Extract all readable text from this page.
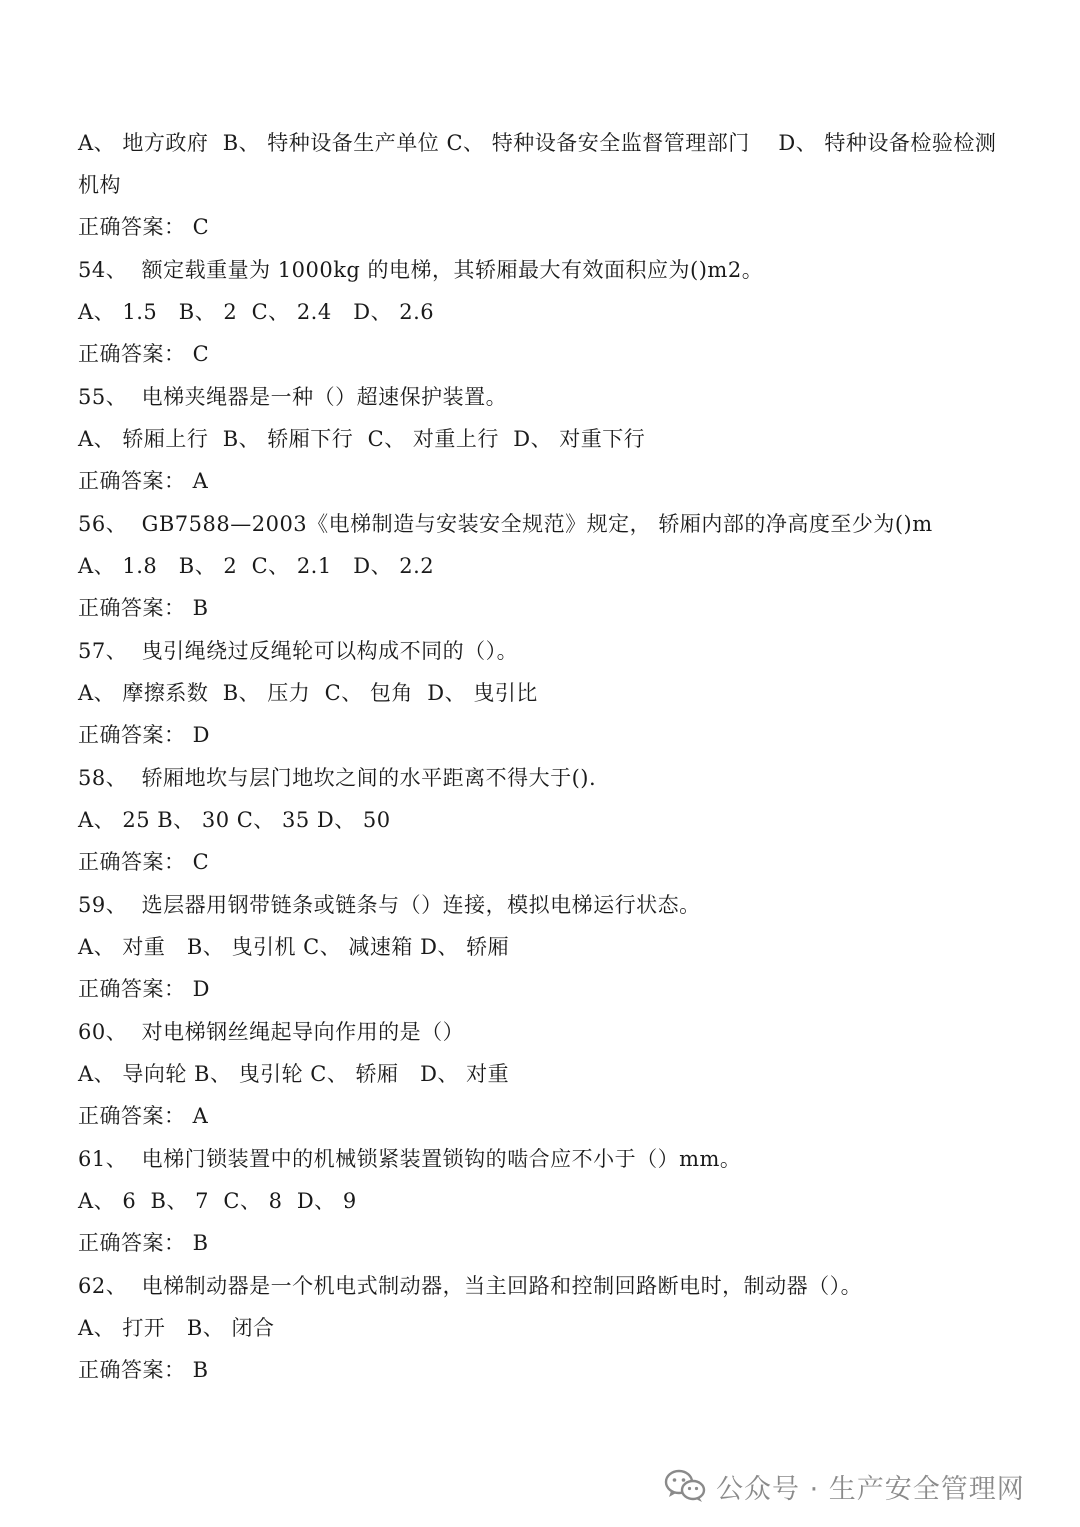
A、 地方政府  B、 特种设备生产单位 C、 特种设备安全监督管理部门    D、 特种设备检验检测机构
正确答案： C
54、  额定载重量为 1000kg 的电梯，其轿厢最大有效面积应为()m2。
A、 1.5   B、 2  C、 2.4   D、 2.6
正确答案： C
55、  电梯夹绳器是一种（）超速保护装置。
A、 轿厢上行  B、 轿厢下行  C、 对重上行  D、 对重下行
正确答案： A
56、  GB7588—2003《电梯制造与安装安全规范》规定， 轿厢内部的净高度至少为()m
A、 1.8   B、 2  C、 2.1   D、 2.2
正确答案： B
57、  曳引绳绕过反绳轮可以构成不同的（）。
A、 摩擦系数  B、 压力  C、 包角  D、 曳引比
正确答案： D
58、  轿厢地坎与层门地坎之间的水平距离不得大于().
A、 25 B、 30 C、 35 D、 50
正确答案： C
59、  选层器用钢带链条或链条与（）连接，模拟电梯运行状态。
A、 对重   B、 曳引机 C、 减速箱 D、 轿厢
正确答案： D
60、  对电梯钢丝绳起导向作用的是（）
A、 导向轮 B、 曳引轮 C、 轿厢   D、 对重
正确答案： A
61、  电梯门锁装置中的机械锁紧装置锁钩的啮合应不小于（）mm。
A、 6  B、 7  C、 8  D、 9
正确答案： B
62、  电梯制动器是一个机电式制动器，当主回路和控制回路断电时，制动器（）。
A、 打开   B、 闭合
正确答案： B
公众号 · 生产安全管理网
